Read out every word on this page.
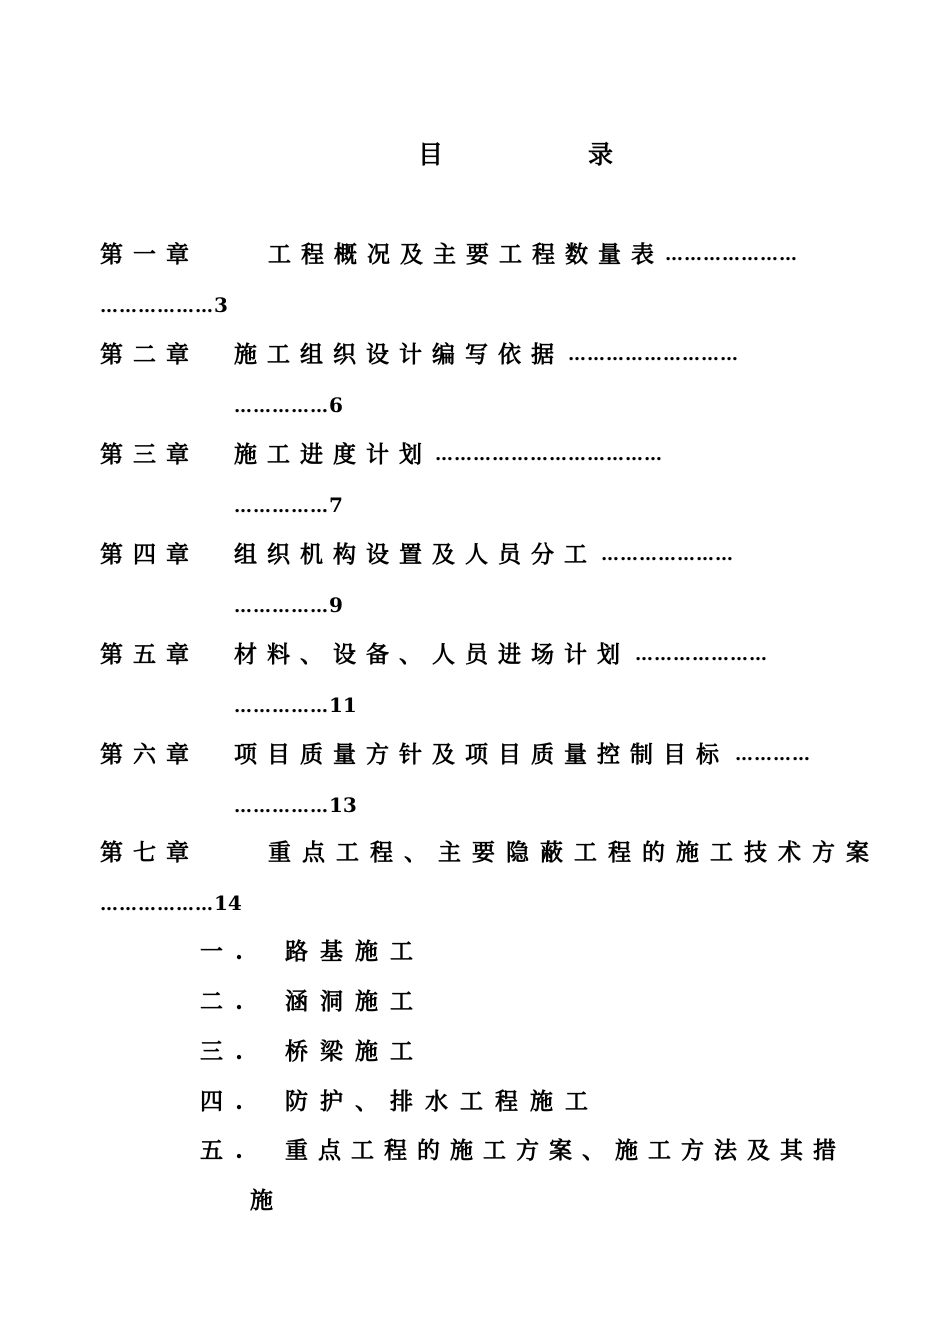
目　录
第一章	工程概况及主要工程数量表 …………………
………………3
第二章 施工组织设计编写依据 ………………………
……………6
第三章 施工进度计划 ………………………………
……………7
第四章 组织机构设置及人员分工 …………………
……………9
第五章 材料、设备、人员进场计划 …………………
……………11
第六章 项目质量方针及项目质量控制目标 …………
……………13
第七章	重点工程、主要隐蔽工程的施工技术方案
………………14
一. 路基施工
二. 涵洞施工
三. 桥梁施工
四. 防护、排水工程施工
五. 重点工程的施工方案、施工方法及其措
施
